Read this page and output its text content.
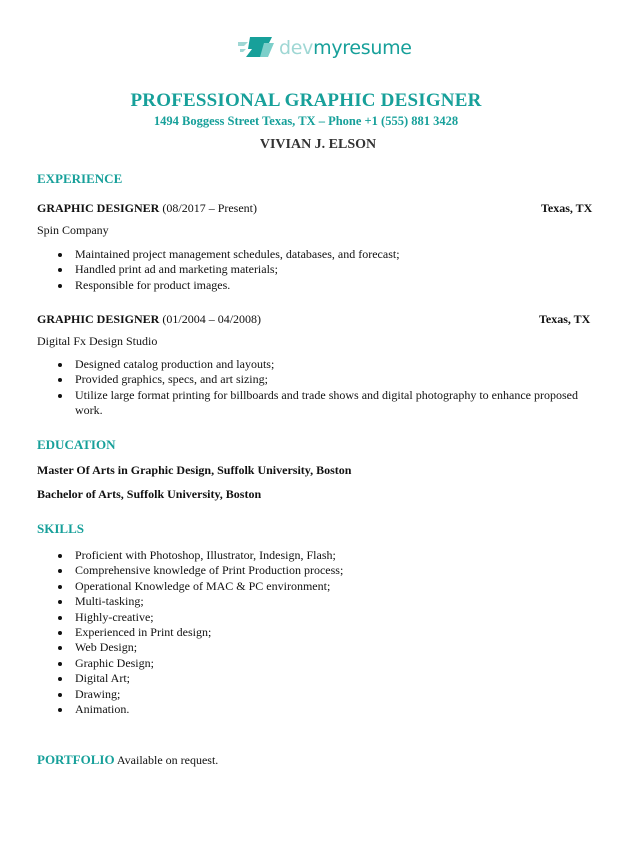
devmyresume
PROFESSIONAL GRAPHIC DESIGNER
1494 Boggess Street Texas, TX – Phone +1 (555) 881 3428
VIVIAN J. ELSON
EXPERIENCE
GRAPHIC DESIGNER (08/2017 – Present)	Texas, TX
Spin Company
Maintained project management schedules, databases, and forecast;
Handled print ad and marketing materials;
Responsible for product images.
GRAPHIC DESIGNER (01/2004 – 04/2008)	Texas, TX
Digital Fx Design Studio
Designed catalog production and layouts;
Provided graphics, specs, and art sizing;
Utilize large format printing for billboards and trade shows and digital photography to enhance proposed work.
EDUCATION
Master Of Arts in Graphic Design, Suffolk University, Boston
Bachelor of Arts, Suffolk University, Boston
SKILLS
Proficient with Photoshop, Illustrator, Indesign, Flash;
Comprehensive knowledge of Print Production process;
Operational Knowledge of MAC & PC environment;
Multi-tasking;
Highly-creative;
Experienced in Print design;
Web Design;
Graphic Design;
Digital Art;
Drawing;
Animation.
PORTFOLIO Available on request.
